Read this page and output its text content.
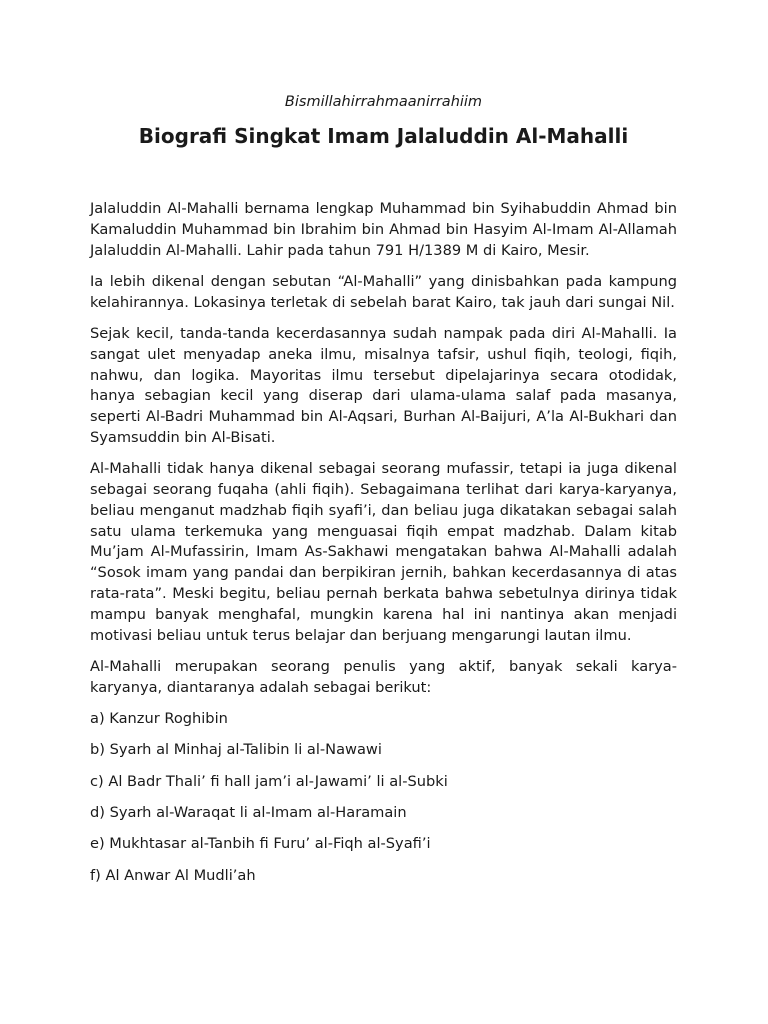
Bismillahirrahmaanirrahiim
Biografi Singkat Imam Jalaluddin Al-Mahalli

Jalaluddin Al-Mahalli bernama lengkap Muhammad bin Syihabuddin Ahmad bin Kamaluddin Muhammad bin Ibrahim bin Ahmad bin Hasyim Al-Imam Al-Allamah Jalaluddin Al-Mahalli. Lahir pada tahun 791 H/1389 M di Kairo, Mesir.

Ia lebih dikenal dengan sebutan “Al-Mahalli” yang dinisbahkan pada kampung kelahirannya. Lokasinya terletak di sebelah barat Kairo, tak jauh dari sungai Nil.

Sejak kecil, tanda-tanda kecerdasannya sudah nampak pada diri Al-Mahalli. Ia sangat ulet menyadap aneka ilmu, misalnya tafsir, ushul fiqih, teologi, fiqih, nahwu, dan logika. Mayoritas ilmu tersebut dipelajarinya secara otodidak, hanya sebagian kecil yang diserap dari ulama-ulama salaf pada masanya, seperti Al-Badri Muhammad bin Al-Aqsari, Burhan Al-Baijuri, A’la Al-Bukhari dan Syamsuddin bin Al-Bisati.

Al-Mahalli tidak hanya dikenal sebagai seorang mufassir, tetapi ia juga dikenal sebagai seorang fuqaha (ahli fiqih). Sebagaimana terlihat dari karya-karyanya, beliau menganut madzhab fiqih syafi’i, dan beliau juga dikatakan sebagai salah satu ulama terkemuka yang menguasai fiqih empat madzhab. Dalam kitab Mu’jam Al-Mufassirin, Imam As-Sakhawi mengatakan bahwa Al-Mahalli adalah “Sosok imam yang pandai dan berpikiran jernih, bahkan kecerdasannya di atas rata-rata”. Meski begitu, beliau pernah berkata bahwa sebetulnya dirinya tidak mampu banyak menghafal, mungkin karena hal ini nantinya akan menjadi motivasi beliau untuk terus belajar dan berjuang mengarungi lautan ilmu.

Al-Mahalli merupakan seorang penulis yang aktif, banyak sekali karya-karyanya, diantaranya adalah sebagai berikut:

a) Kanzur Roghibin

b) Syarh al Minhaj al-Talibin li al-Nawawi

c) Al Badr Thali’ fi hall jam’i al-Jawami’ li al-Subki

d) Syarh al-Waraqat li al-Imam al-Haramain

e) Mukhtasar al-Tanbih fi Furu’ al-Fiqh al-Syafi’i

f) Al Anwar Al Mudli’ah
